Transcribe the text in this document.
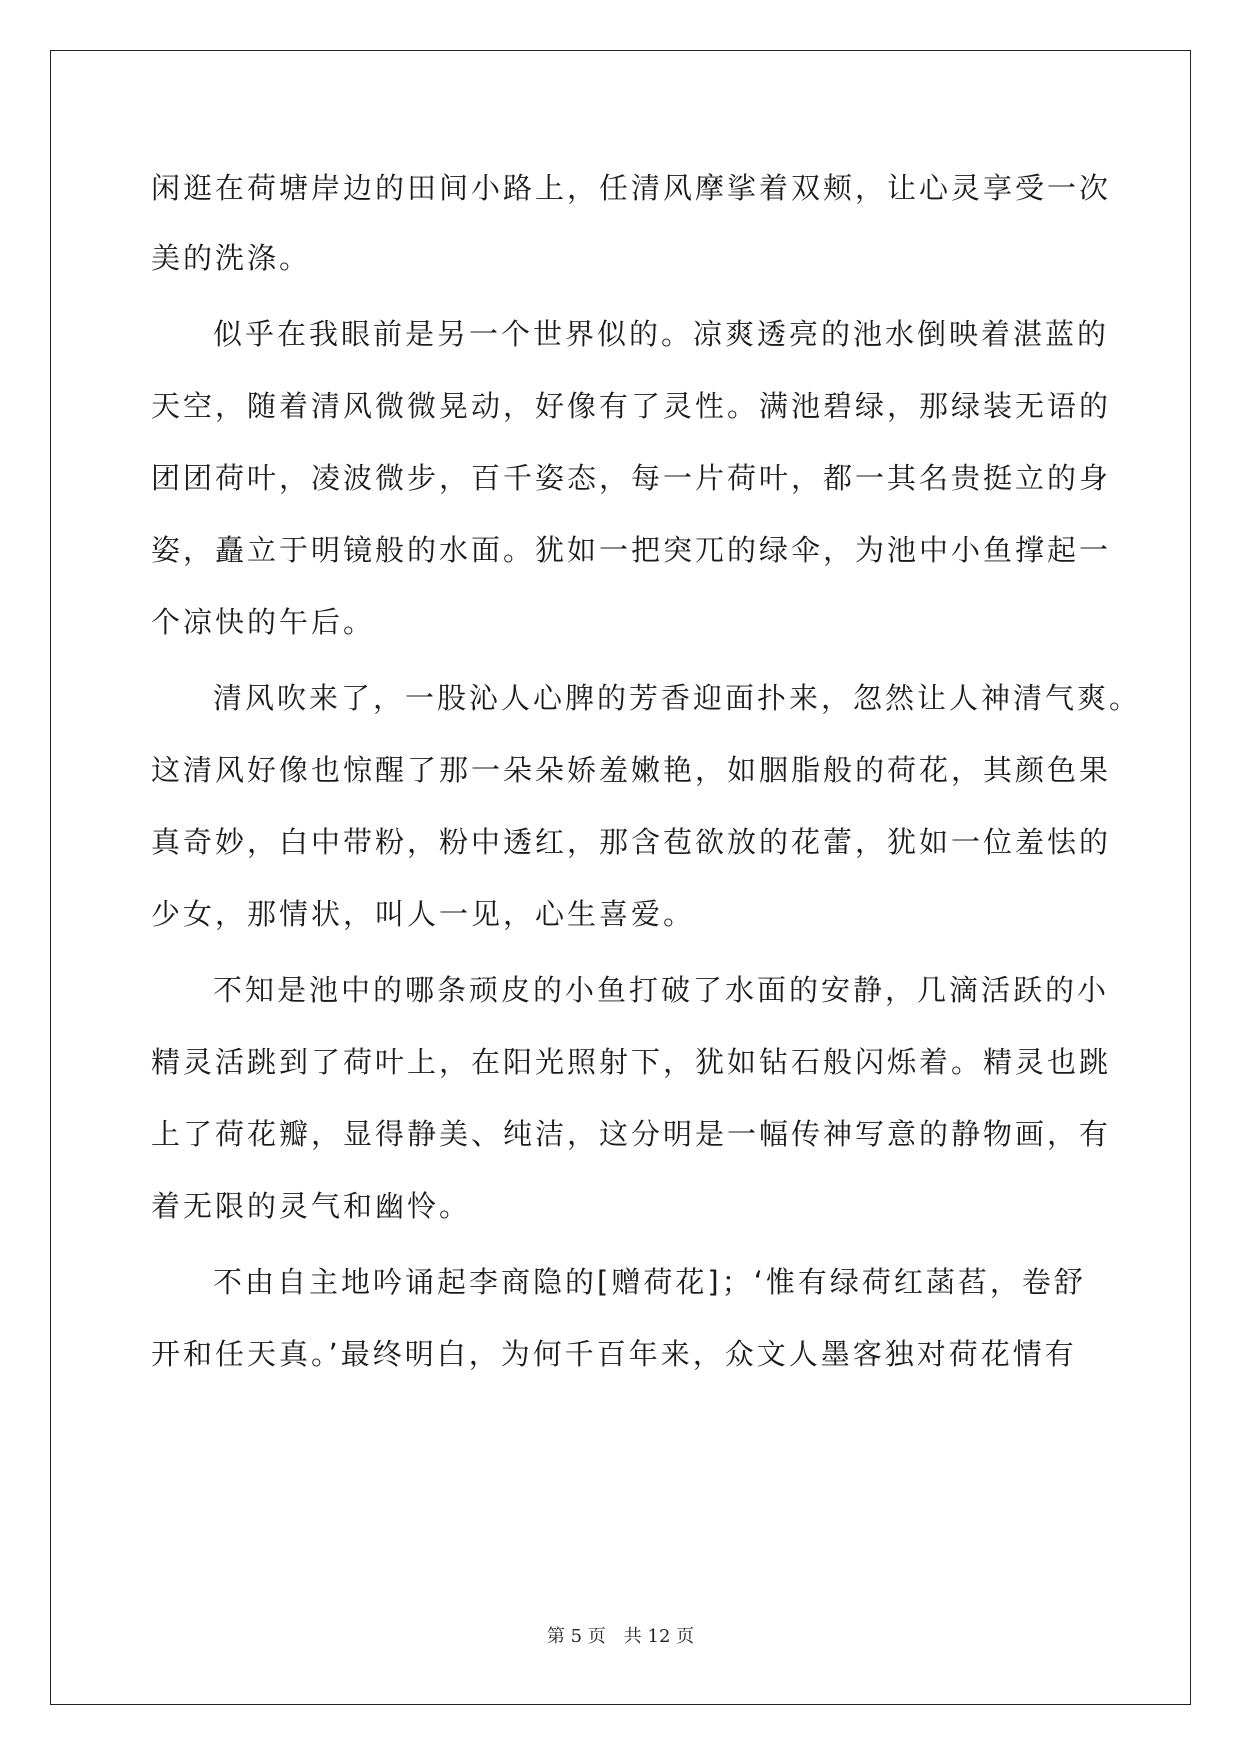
闲逛在荷塘岸边的田间小路上，任清风摩挲着双颊，让心灵享受一次
美的洗涤。
似乎在我眼前是另一个世界似的。凉爽透亮的池水倒映着湛蓝的
天空，随着清风微微晃动，好像有了灵性。满池碧绿，那绿装无语的
团团荷叶，凌波微步，百千姿态，每一片荷叶，都一其名贵挺立的身
姿，矗立于明镜般的水面。犹如一把突兀的绿伞，为池中小鱼撑起一
个凉快的午后。
清风吹来了，一股沁人心脾的芳香迎面扑来，忽然让人神清气爽。
这清风好像也惊醒了那一朵朵娇羞嫩艳，如胭脂般的荷花，其颜色果
真奇妙，白中带粉，粉中透红，那含苞欲放的花蕾，犹如一位羞怯的
少女，那情状，叫人一见，心生喜爱。
不知是池中的哪条顽皮的小鱼打破了水面的安静，几滴活跃的小
精灵活跳到了荷叶上，在阳光照射下，犹如钻石般闪烁着。精灵也跳
上了荷花瓣，显得静美、纯洁，这分明是一幅传神写意的静物画，有
着无限的灵气和幽怜。
不由自主地吟诵起李商隐的[赠荷花]；‘惟有绿荷红菡萏，卷舒
开和任天真。’最终明白，为何千百年来，众文人墨客独对荷花情有
第 5 页　共 12 页
